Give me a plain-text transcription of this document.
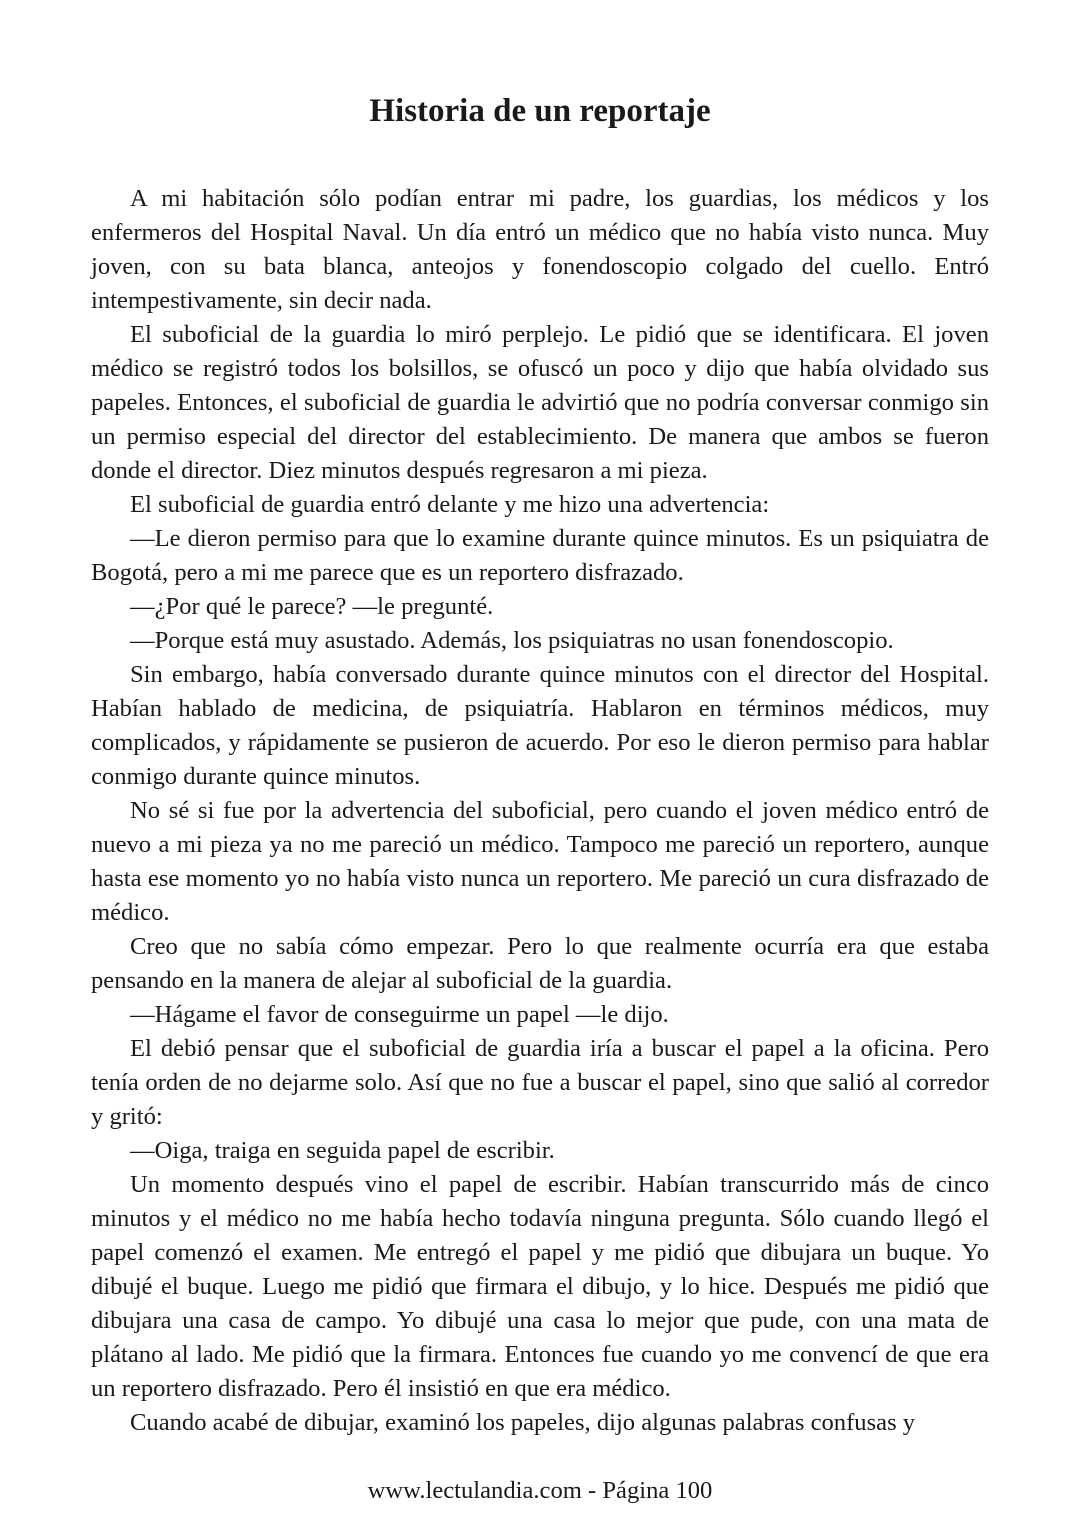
Historia de un reportaje

A mi habitación sólo podían entrar mi padre, los guardias, los médicos y los enfermeros del Hospital Naval. Un día entró un médico que no había visto nunca. Muy joven, con su bata blanca, anteojos y fonendoscopio colgado del cuello. Entró intempestivamente, sin decir nada.

El suboficial de la guardia lo miró perplejo. Le pidió que se identificara. El joven médico se registró todos los bolsillos, se ofuscó un poco y dijo que había olvidado sus papeles. Entonces, el suboficial de guardia le advirtió que no podría conversar conmigo sin un permiso especial del director del establecimiento. De manera que ambos se fueron donde el director. Diez minutos después regresaron a mi pieza.

El suboficial de guardia entró delante y me hizo una advertencia:

—Le dieron permiso para que lo examine durante quince minutos. Es un psiquiatra de Bogotá, pero a mi me parece que es un reportero disfrazado.

—¿Por qué le parece? —le pregunté.

—Porque está muy asustado. Además, los psiquiatras no usan fonendoscopio.

Sin embargo, había conversado durante quince minutos con el director del Hospital. Habían hablado de medicina, de psiquiatría. Hablaron en términos médicos, muy complicados, y rápidamente se pusieron de acuerdo. Por eso le dieron permiso para hablar conmigo durante quince minutos.

No sé si fue por la advertencia del suboficial, pero cuando el joven médico entró de nuevo a mi pieza ya no me pareció un médico. Tampoco me pareció un reportero, aunque hasta ese momento yo no había visto nunca un reportero. Me pareció un cura disfrazado de médico.

Creo que no sabía cómo empezar. Pero lo que realmente ocurría era que estaba pensando en la manera de alejar al suboficial de la guardia.

—Hágame el favor de conseguirme un papel —le dijo.

El debió pensar que el suboficial de guardia iría a buscar el papel a la oficina. Pero tenía orden de no dejarme solo. Así que no fue a buscar el papel, sino que salió al corredor y gritó:

—Oiga, traiga en seguida papel de escribir.

Un momento después vino el papel de escribir. Habían transcurrido más de cinco minutos y el médico no me había hecho todavía ninguna pregunta. Sólo cuando llegó el papel comenzó el examen. Me entregó el papel y me pidió que dibujara un buque. Yo dibujé el buque. Luego me pidió que firmara el dibujo, y lo hice. Después me pidió que dibujara una casa de campo. Yo dibujé una casa lo mejor que pude, con una mata de plátano al lado. Me pidió que la firmara. Entonces fue cuando yo me convencí de que era un reportero disfrazado. Pero él insistió en que era médico.

Cuando acabé de dibujar, examinó los papeles, dijo algunas palabras confusas y

www.lectulandia.com - Página 100
